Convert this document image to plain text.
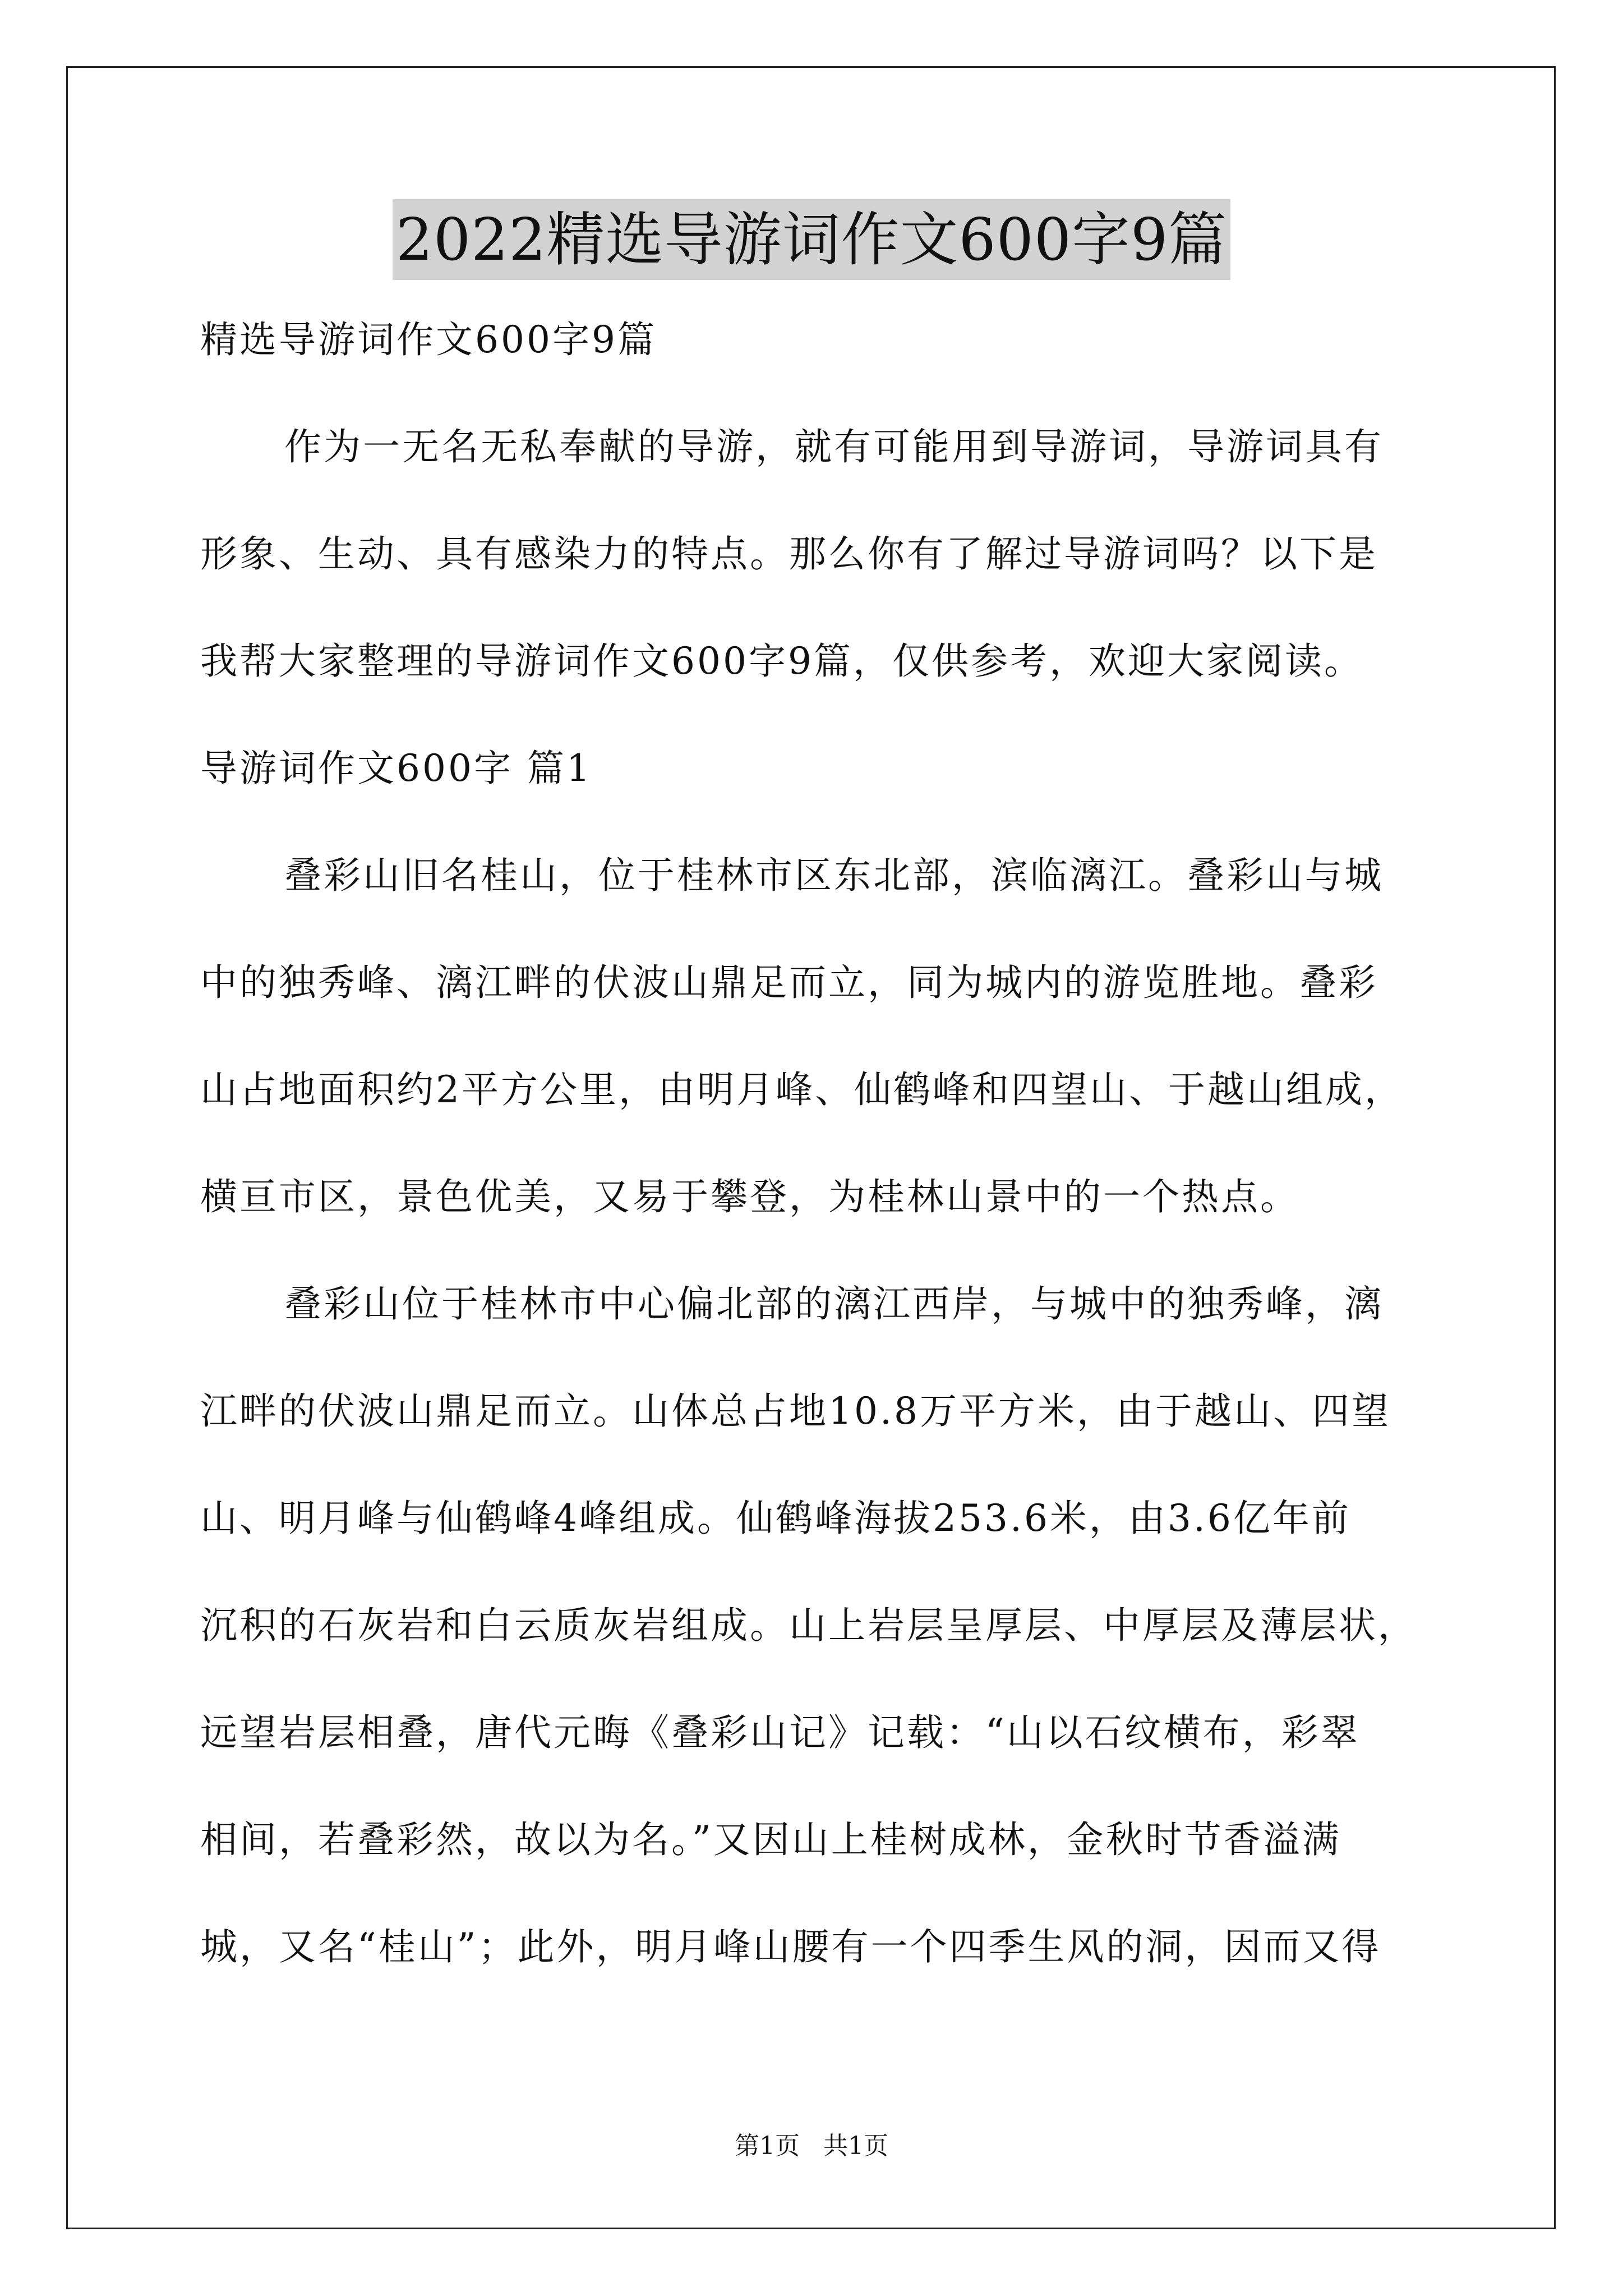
2022精选导游词作文600字9篇
精选导游词作文600字9篇
作为一无名无私奉献的导游，就有可能用到导游词，导游词具有
形象、生动、具有感染力的特点。那么你有了解过导游词吗？以下是
我帮大家整理的导游词作文600字9篇，仅供参考，欢迎大家阅读。
导游词作文600字 篇1
叠彩山旧名桂山，位于桂林市区东北部，滨临漓江。叠彩山与城
中的独秀峰、漓江畔的伏波山鼎足而立，同为城内的游览胜地。叠彩
山占地面积约2平方公里，由明月峰、仙鹤峰和四望山、于越山组成，
横亘市区，景色优美，又易于攀登，为桂林山景中的一个热点。
叠彩山位于桂林市中心偏北部的漓江西岸，与城中的独秀峰，漓
江畔的伏波山鼎足而立。山体总占地10.8万平方米，由于越山、四望
山、明月峰与仙鹤峰4峰组成。仙鹤峰海拔253.6米，由3.6亿年前
沉积的石灰岩和白云质灰岩组成。山上岩层呈厚层、中厚层及薄层状，
远望岩层相叠，唐代元晦《叠彩山记》记载：“山以石纹横布，彩翠
相间，若叠彩然，故以为名。”又因山上桂树成林，金秋时节香溢满
城，又名“桂山”；此外，明月峰山腰有一个四季生风的洞，因而又得
第1页   共1页
